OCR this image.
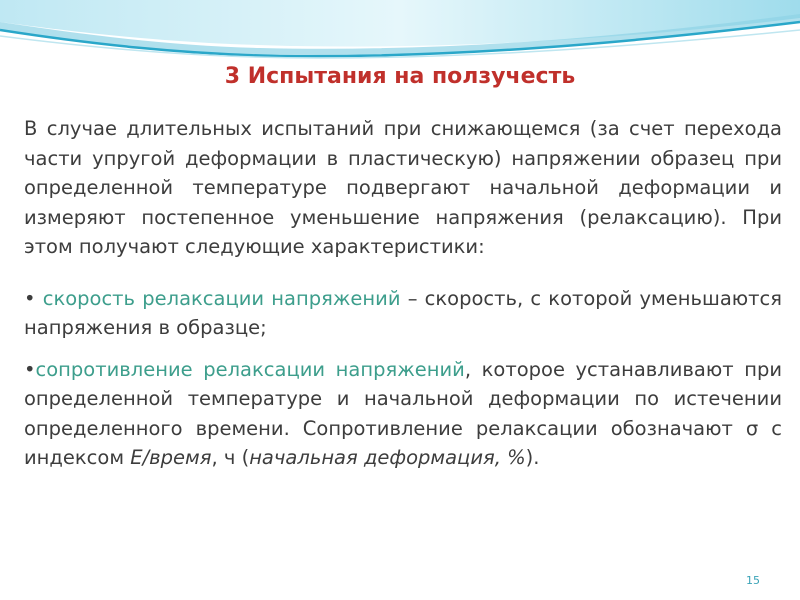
3 Испытания на ползучесть

В случае длительных испытаний при снижающемся (за счет перехода части упругой деформации в пластическую) напряжении образец при определенной температуре подвергают начальной деформации и измеряют постепенное уменьшение напряжения (релаксацию). При этом получают следующие характеристики:

• скорость релаксации напряжений – скорость, с которой уменьшаются напряжения в образце;

•сопротивление релаксации напряжений, которое устанавливают при определенной температуре и начальной деформации по истечении определенного времени. Сопротивление релаксации обозначают σ с индексом Е/время, ч (начальная деформация, %).

15
